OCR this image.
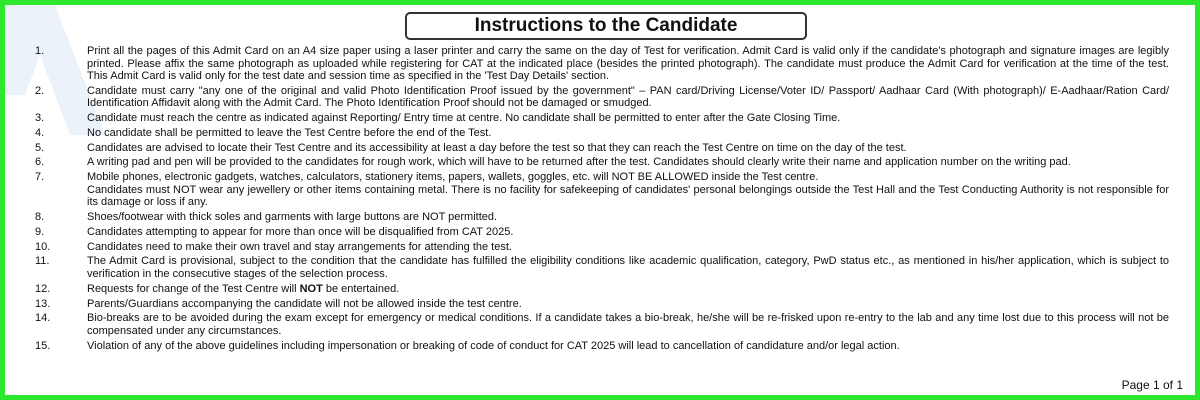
Instructions to the Candidate
1.	Print all the pages of this Admit Card on an A4 size paper using a laser printer and carry the same on the day of Test for verification. Admit Card is valid only if the candidate's photograph and signature images are legibly printed. Please affix the same photograph as uploaded while registering for CAT at the indicated place (besides the printed photograph). The candidate must produce the Admit Card for verification at the time of the test. This Admit Card is valid only for the test date and session time as specified in the 'Test Day Details' section.
2.	Candidate must carry "any one of the original and valid Photo Identification Proof issued by the government" – PAN card/Driving License/Voter ID/ Passport/ Aadhaar Card (With photograph)/ E-Aadhaar/Ration Card/ Identification Affidavit along with the Admit Card. The Photo Identification Proof should not be damaged or smudged.
3.	Candidate must reach the centre as indicated against Reporting/ Entry time at centre. No candidate shall be permitted to enter after the Gate Closing Time.
4.	No candidate shall be permitted to leave the Test Centre before the end of the Test.
5.	Candidates are advised to locate their Test Centre and its accessibility at least a day before the test so that they can reach the Test Centre on time on the day of the test.
6.	A writing pad and pen will be provided to the candidates for rough work, which will have to be returned after the test. Candidates should clearly write their name and application number on the writing pad.
7.	Mobile phones, electronic gadgets, watches, calculators, stationery items, papers, wallets, goggles, etc. will NOT BE ALLOWED inside the Test centre.
Candidates must NOT wear any jewellery or other items containing metal. There is no facility for safekeeping of candidates' personal belongings outside the Test Hall and the Test Conducting Authority is not responsible for its damage or loss if any.
8.	Shoes/footwear with thick soles and garments with large buttons are NOT permitted.
9.	Candidates attempting to appear for more than once will be disqualified from CAT 2025.
10.	Candidates need to make their own travel and stay arrangements for attending the test.
11.	The Admit Card is provisional, subject to the condition that the candidate has fulfilled the eligibility conditions like academic qualification, category, PwD status etc., as mentioned in his/her application, which is subject to verification in the consecutive stages of the selection process.
12.	Requests for change of the Test Centre will NOT be entertained.
13.	Parents/Guardians accompanying the candidate will not be allowed inside the test centre.
14.	Bio-breaks are to be avoided during the exam except for emergency or medical conditions. If a candidate takes a bio-break, he/she will be re-frisked upon re-entry to the lab and any time lost due to this process will not be compensated under any circumstances.
15.	Violation of any of the above guidelines including impersonation or breaking of code of conduct for CAT 2025 will lead to cancellation of candidature and/or legal action.
Page 1 of 1
